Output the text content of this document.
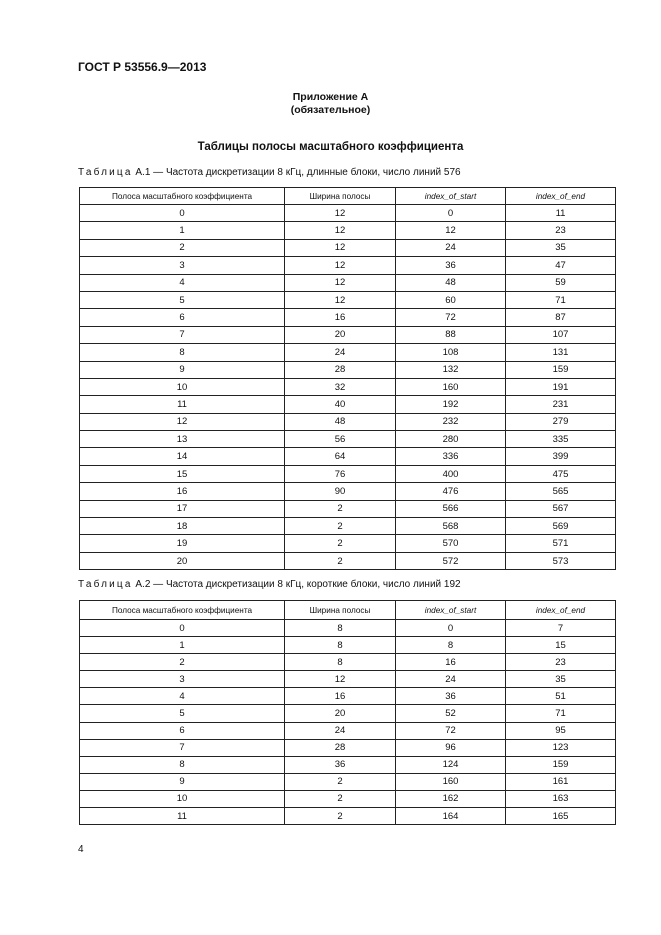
ГОСТ Р 53556.9—2013
Приложение А
(обязательное)
Таблицы полосы масштабного коэффициента
Таблица А.1 — Частота дискретизации 8 кГц, длинные блоки, число линий 576
Полоса масштабного коэффициента	Ширина полосы	index_of_start	index_of_end
0	12	0	11
1	12	12	23
2	12	24	35
3	12	36	47
4	12	48	59
5	12	60	71
6	16	72	87
7	20	88	107
8	24	108	131
9	28	132	159
10	32	160	191
11	40	192	231
12	48	232	279
13	56	280	335
14	64	336	399
15	76	400	475
16	90	476	565
17	2	566	567
18	2	568	569
19	2	570	571
20	2	572	573
Таблица А.2 — Частота дискретизации 8 кГц, короткие блоки, число линий 192
Полоса масштабного коэффициента	Ширина полосы	index_of_start	index_of_end
0	8	0	7
1	8	8	15
2	8	16	23
3	12	24	35
4	16	36	51
5	20	52	71
6	24	72	95
7	28	96	123
8	36	124	159
9	2	160	161
10	2	162	163
11	2	164	165
4
